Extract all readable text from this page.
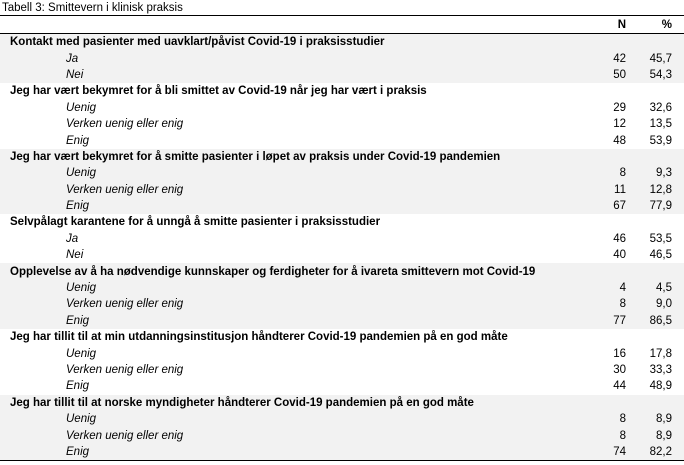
Tabell 3: Smittevern i klinisk praksis
	N	%
Kontakt med pasienter med uavklart/påvist Covid-19 i praksisstudier		
Ja	42	45,7
Nei	50	54,3
Jeg har vært bekymret for å bli smittet av Covid-19 når jeg har vært i praksis		
Uenig	29	32,6
Verken uenig eller enig	12	13,5
Enig	48	53,9
Jeg har vært bekymret for å smitte pasienter i løpet av praksis under Covid-19 pandemien		
Uenig	8	9,3
Verken uenig eller enig	11	12,8
Enig	67	77,9
Selvpålagt karantene for å unngå å smitte pasienter i praksisstudier		
Ja	46	53,5
Nei	40	46,5
Opplevelse av å ha nødvendige kunnskaper og ferdigheter for å ivareta smittevern mot Covid-19		
Uenig	4	4,5
Verken uenig eller enig	8	9,0
Enig	77	86,5
Jeg har tillit til at min utdanningsinstitusjon håndterer Covid-19 pandemien på en god måte		
Uenig	16	17,8
Verken uenig eller enig	30	33,3
Enig	44	48,9
Jeg har tillit til at norske myndigheter håndterer Covid-19 pandemien på en god måte		
Uenig	8	8,9
Verken uenig eller enig	8	8,9
Enig	74	82,2
